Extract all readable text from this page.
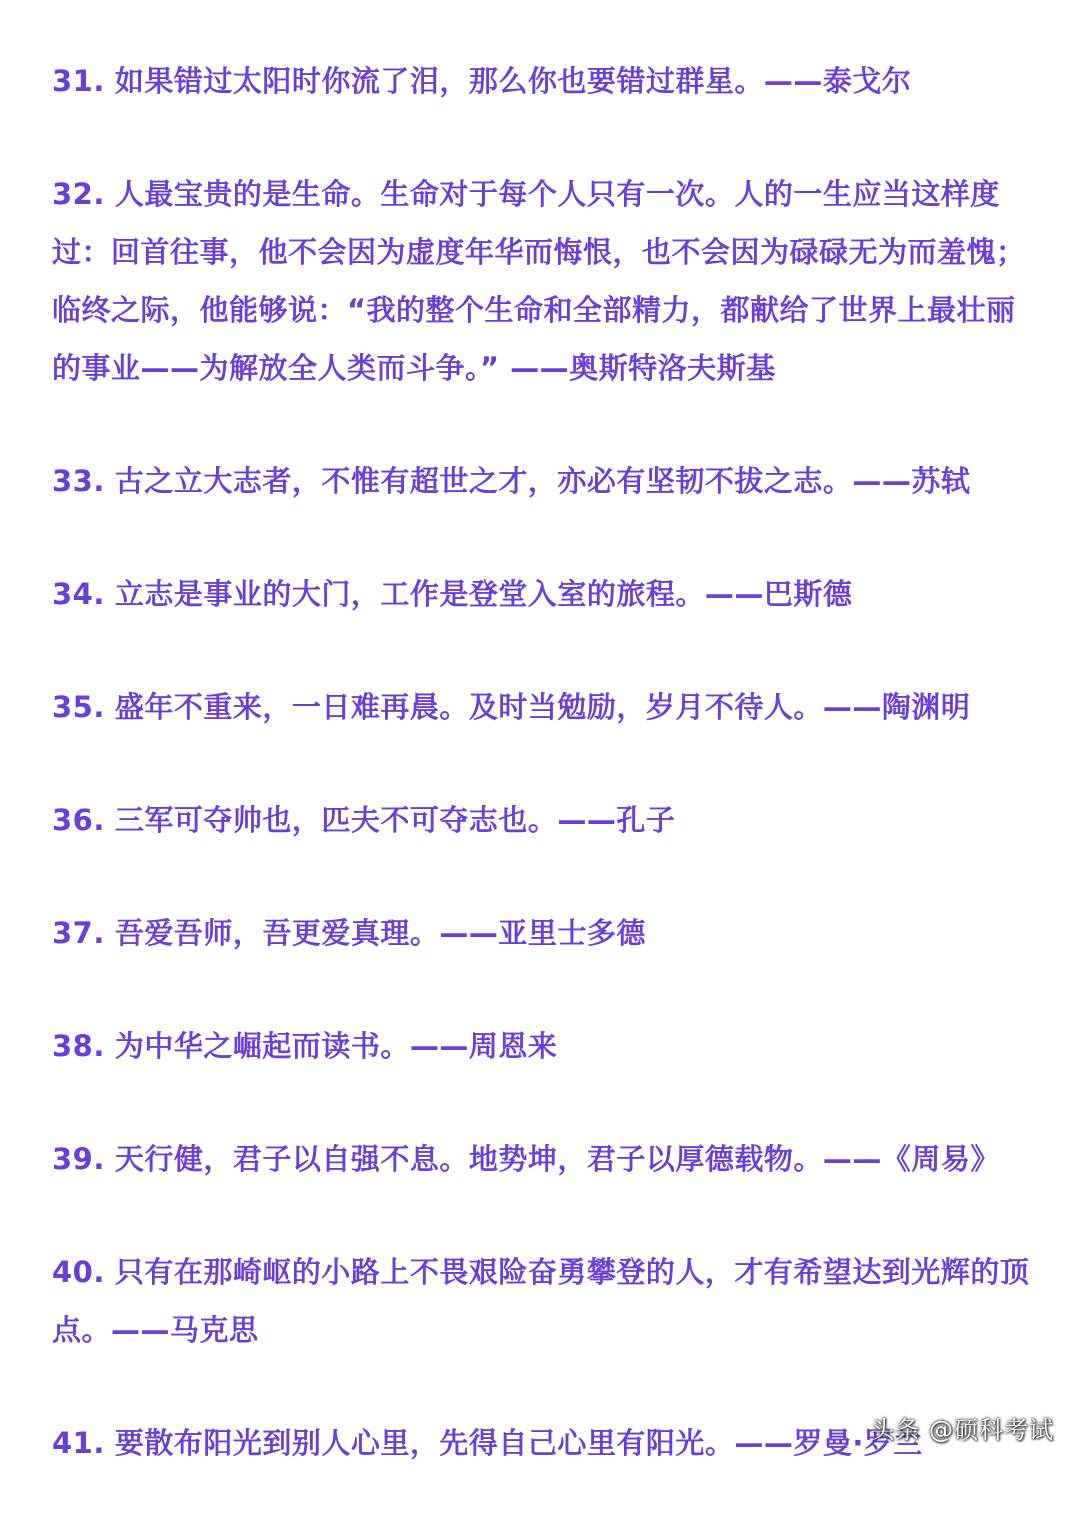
31. 如果错过太阳时你流了泪，那么你也要错过群星。——泰戈尔

32. 人最宝贵的是生命。生命对于每个人只有一次。人的一生应当这样度过：回首往事，他不会因为虚度年华而悔恨，也不会因为碌碌无为而羞愧；临终之际，他能够说：“我的整个生命和全部精力，都献给了世界上最壮丽的事业——为解放全人类而斗争。” ——奥斯特洛夫斯基

33. 古之立大志者，不惟有超世之才，亦必有坚韧不拔之志。——苏轼

34. 立志是事业的大门，工作是登堂入室的旅程。——巴斯德

35. 盛年不重来，一日难再晨。及时当勉励，岁月不待人。——陶渊明

36. 三军可夺帅也，匹夫不可夺志也。——孔子

37. 吾爱吾师，吾更爱真理。——亚里士多德

38. 为中华之崛起而读书。——周恩来

39. 天行健，君子以自强不息。地势坤，君子以厚德载物。——《周易》

40. 只有在那崎岖的小路上不畏艰险奋勇攀登的人，才有希望达到光辉的顶点。——马克思

41. 要散布阳光到别人心里，先得自己心里有阳光。——罗曼·罗兰

头条 @硕科考试
